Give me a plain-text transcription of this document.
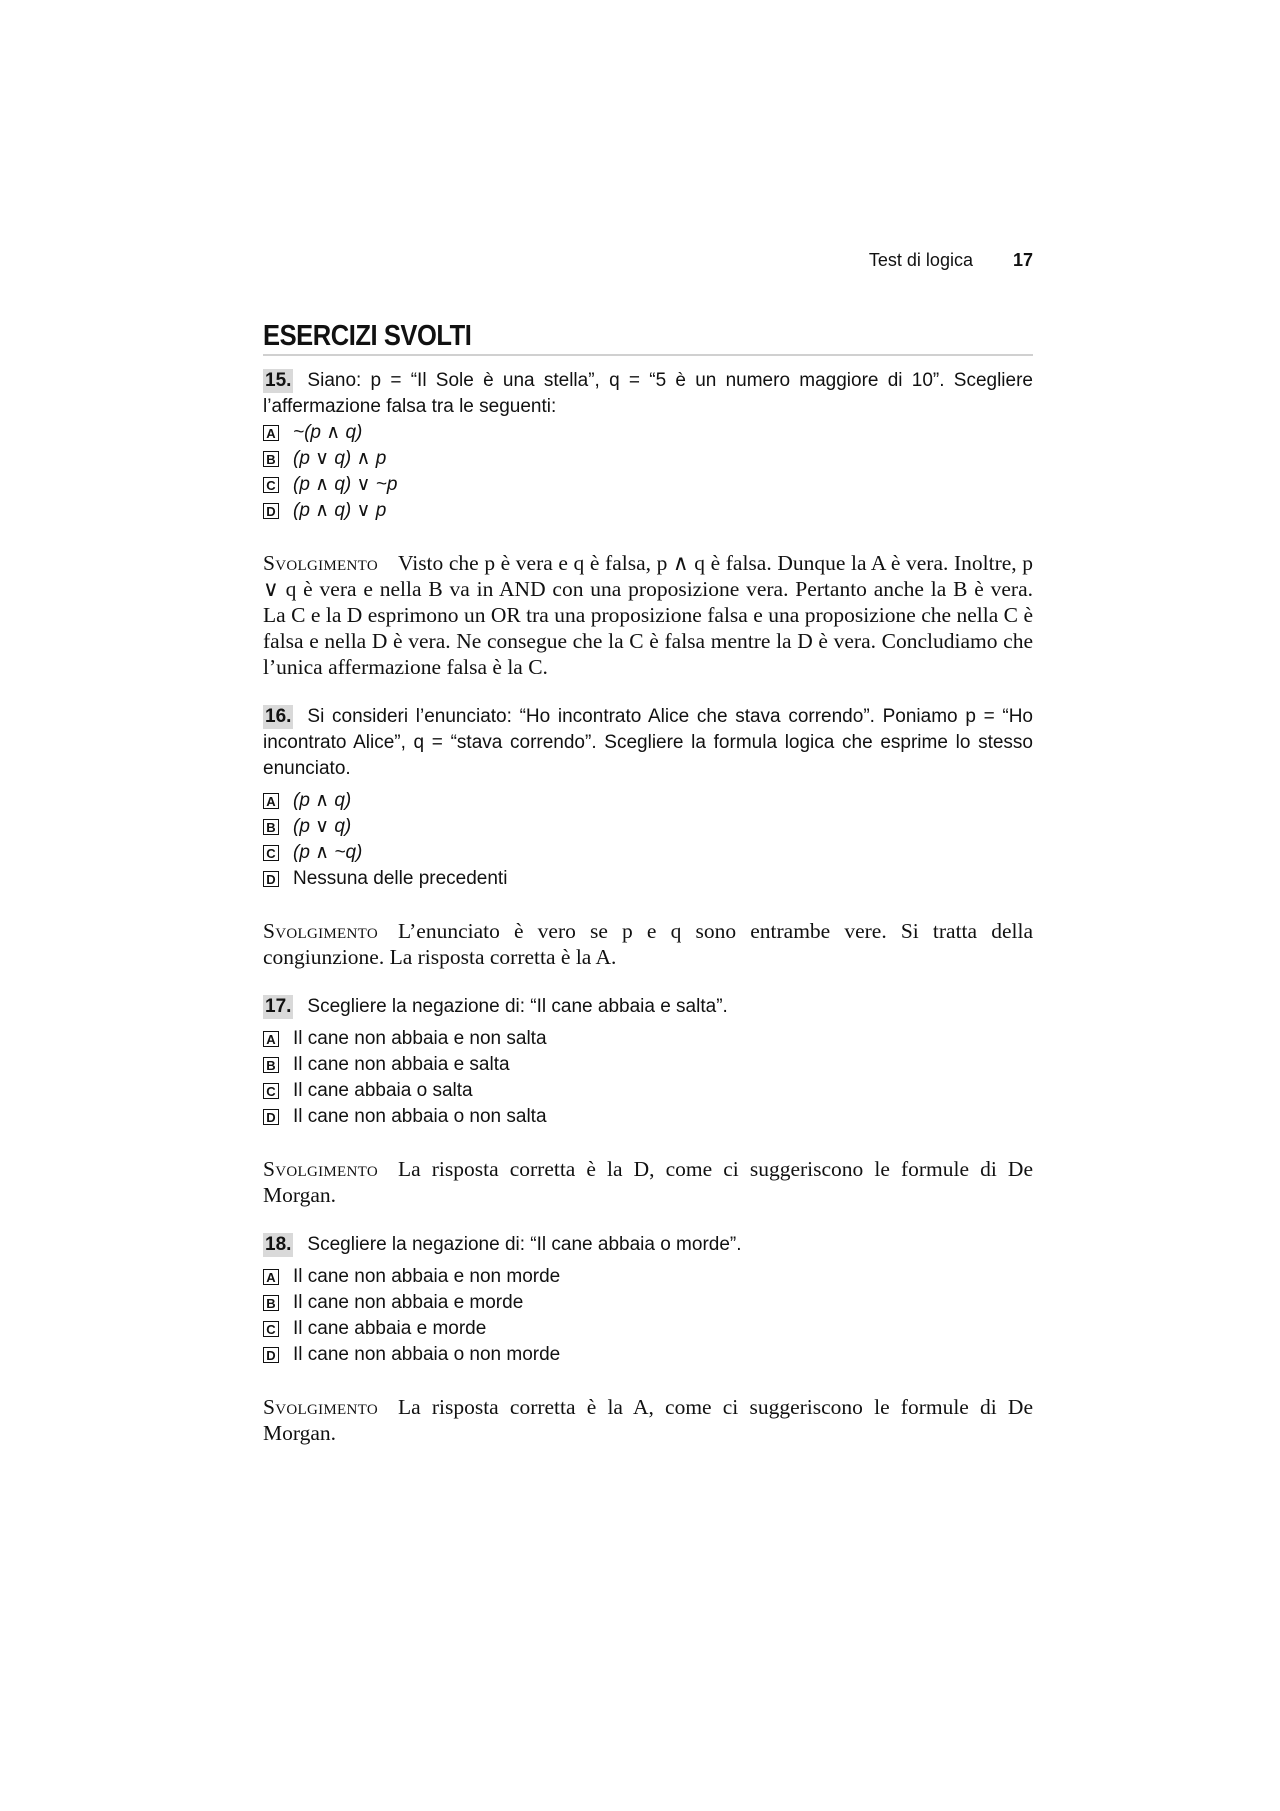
Test di logica 17
ESERCIZI SVOLTI

15. Siano: p = “Il Sole è una stella”, q = “5 è un numero maggiore di 10”. Scegliere l’affermazione falsa tra le seguenti:

A ~(p ∧ q)
B (p ∨ q) ∧ p
C (p ∧ q) ∨ ~p
D (p ∧ q) ∨ p

Svolgimento Visto che p è vera e q è falsa, p ∧ q è falsa. Dunque la A è vera. Inoltre, p ∨ q è vera e nella B va in AND con una proposizione vera. Pertanto anche la B è vera. La C e la D esprimono un OR tra una proposizione falsa e una proposizione che nella C è falsa e nella D è vera. Ne consegue che la C è falsa mentre la D è vera. Concludiamo che l’unica affermazione falsa è la C.

16. Si consideri l’enunciato: “Ho incontrato Alice che stava correndo”. Poniamo p = “Ho incontrato Alice”, q = “stava correndo”. Scegliere la formula logica che esprime lo stesso enunciato.

A (p ∧ q)
B (p ∨ q)
C (p ∧ ~q)
D Nessuna delle precedenti

Svolgimento L’enunciato è vero se p e q sono entrambe vere. Si tratta della congiunzione. La risposta corretta è la A.

17. Scegliere la negazione di: “Il cane abbaia e salta”.

A Il cane non abbaia e non salta
B Il cane non abbaia e salta
C Il cane abbaia o salta
D Il cane non abbaia o non salta

Svolgimento La risposta corretta è la D, come ci suggeriscono le formule di De Morgan.

18. Scegliere la negazione di: “Il cane abbaia o morde”.

A Il cane non abbaia e non morde
B Il cane non abbaia e morde
C Il cane abbaia e morde
D Il cane non abbaia o non morde

Svolgimento La risposta corretta è la A, come ci suggeriscono le formule di De Morgan.
